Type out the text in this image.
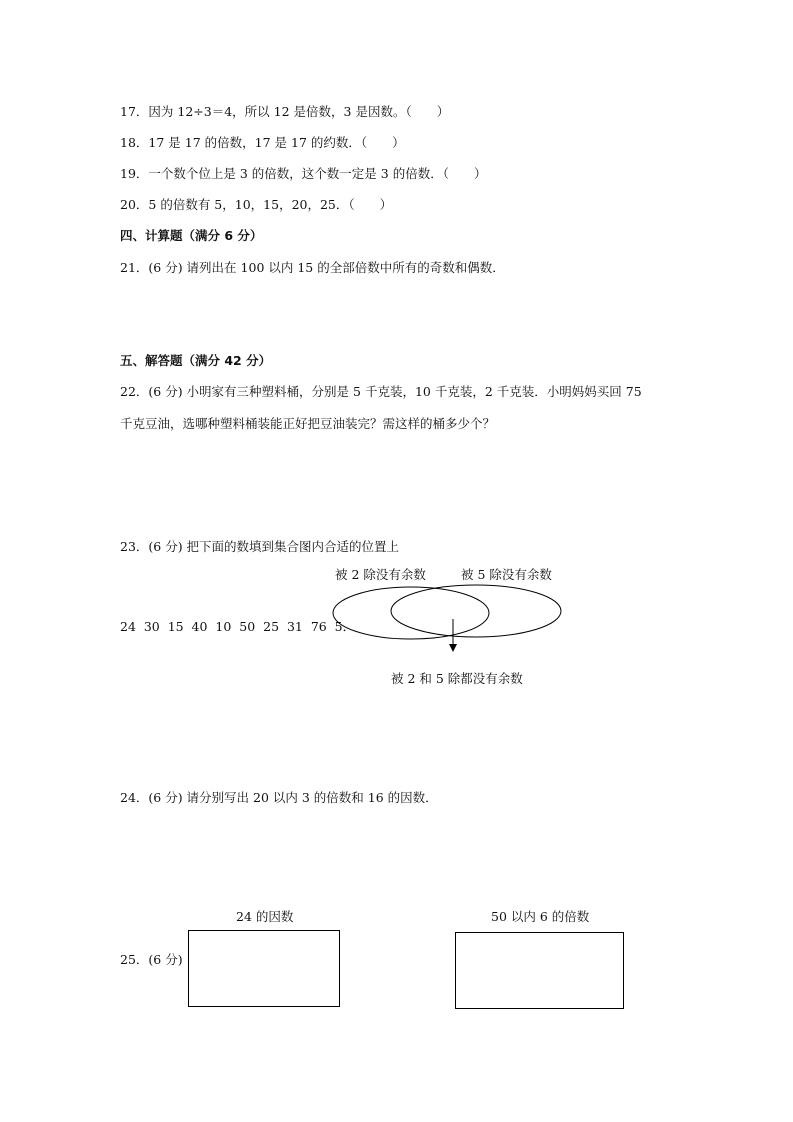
17．因为 12÷3＝4，所以 12 是倍数，3 是因数。（　　）
18．17 是 17 的倍数，17 是 17 的约数．（　　）
19．一个数个位上是 3 的倍数，这个数一定是 3 的倍数．（　　）
20．5 的倍数有 5，10，15，20，25．（　　）
四、计算题（满分 6 分）
21．(6 分) 请列出在 100 以内 15 的全部倍数中所有的奇数和偶数．
五、解答题（满分 42 分）
22．(6 分) 小明家有三种塑料桶，分别是 5 千克装，10 千克装，2 千克装．小明妈妈买回 75
千克豆油，选哪种塑料桶装能正好把豆油装完？需这样的桶多少个？
23．(6 分) 把下面的数填到集合图内合适的位置上
24  30  15  40  10  50  25  31  76  5．
被 2 除没有余数	被 5 除没有余数
被 2 和 5 除都没有余数
24．(6 分) 请分别写出 20 以内 3 的倍数和 16 的因数．
24 的因数	50 以内 6 的倍数
25．(6 分)
